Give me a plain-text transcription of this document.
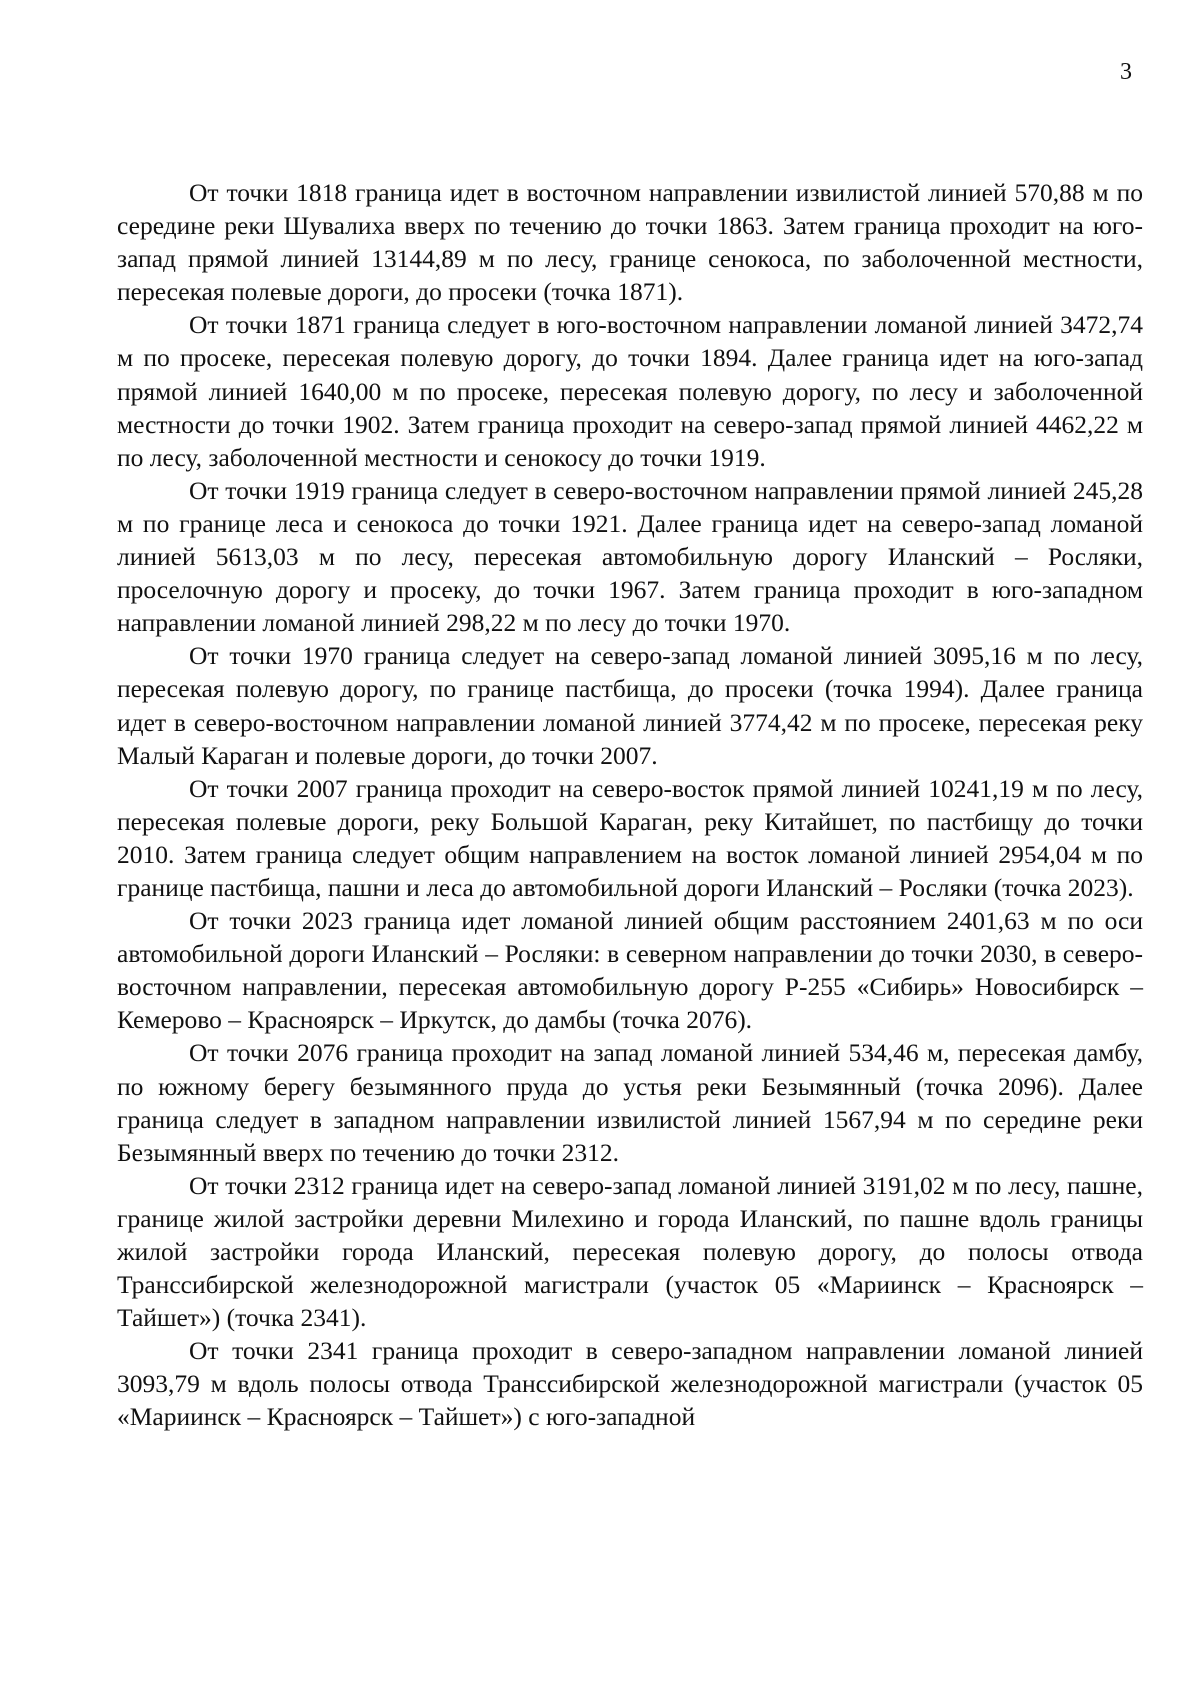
3

От точки 1818 граница идет в восточном направлении извилистой линией 570,88 м по середине реки Шувалиха вверх по течению до точки 1863. Затем граница проходит на юго-запад прямой линией 13144,89 м по лесу, границе сенокоса, по заболоченной местности, пересекая полевые дороги, до просеки (точка 1871).

От точки 1871 граница следует в юго-восточном направлении ломаной линией 3472,74 м по просеке, пересекая полевую дорогу, до точки 1894. Далее граница идет на юго-запад прямой линией 1640,00 м по просеке, пересекая полевую дорогу, по лесу и заболоченной местности до точки 1902. Затем граница проходит на северо-запад прямой линией 4462,22 м по лесу, заболоченной местности и сенокосу до точки 1919.

От точки 1919 граница следует в северо-восточном направлении прямой линией 245,28 м по границе леса и сенокоса до точки 1921. Далее граница идет на северо-запад ломаной линией 5613,03 м по лесу, пересекая автомобильную дорогу Иланский – Росляки, проселочную дорогу и просеку, до точки 1967. Затем граница проходит в юго-западном направлении ломаной линией 298,22 м по лесу до точки 1970.

От точки 1970 граница следует на северо-запад ломаной линией 3095,16 м по лесу, пересекая полевую дорогу, по границе пастбища, до просеки (точка 1994). Далее граница идет в северо-восточном направлении ломаной линией 3774,42 м по просеке, пересекая реку Малый Караган и полевые дороги, до точки 2007.

От точки 2007 граница проходит на северо-восток прямой линией 10241,19 м по лесу, пересекая полевые дороги, реку Большой Караган, реку Китайшет, по пастбищу до точки 2010. Затем граница следует общим направлением на восток ломаной линией 2954,04 м по границе пастбища, пашни и леса до автомобильной дороги Иланский – Росляки (точка 2023).

От точки 2023 граница идет ломаной линией общим расстоянием 2401,63 м по оси автомобильной дороги Иланский – Росляки: в северном направлении до точки 2030, в северо-восточном направлении, пересекая автомобильную дорогу Р-255 «Сибирь» Новосибирск – Кемерово – Красноярск – Иркутск, до дамбы (точка 2076).

От точки 2076 граница проходит на запад ломаной линией 534,46 м, пересекая дамбу, по южному берегу безымянного пруда до устья реки Безымянный (точка 2096). Далее граница следует в западном направлении извилистой линией 1567,94 м по середине реки Безымянный вверх по течению до точки 2312.

От точки 2312 граница идет на северо-запад ломаной линией 3191,02 м по лесу, пашне, границе жилой застройки деревни Милехино и города Иланский, по пашне вдоль границы жилой застройки города Иланский, пересекая полевую дорогу, до полосы отвода Транссибирской железнодорожной магистрали (участок 05 «Мариинск – Красноярск – Тайшет») (точка 2341).

От точки 2341 граница проходит в северо-западном направлении ломаной линией 3093,79 м вдоль полосы отвода Транссибирской железнодорожной магистрали (участок 05 «Мариинск – Красноярск – Тайшет») с юго-западной
